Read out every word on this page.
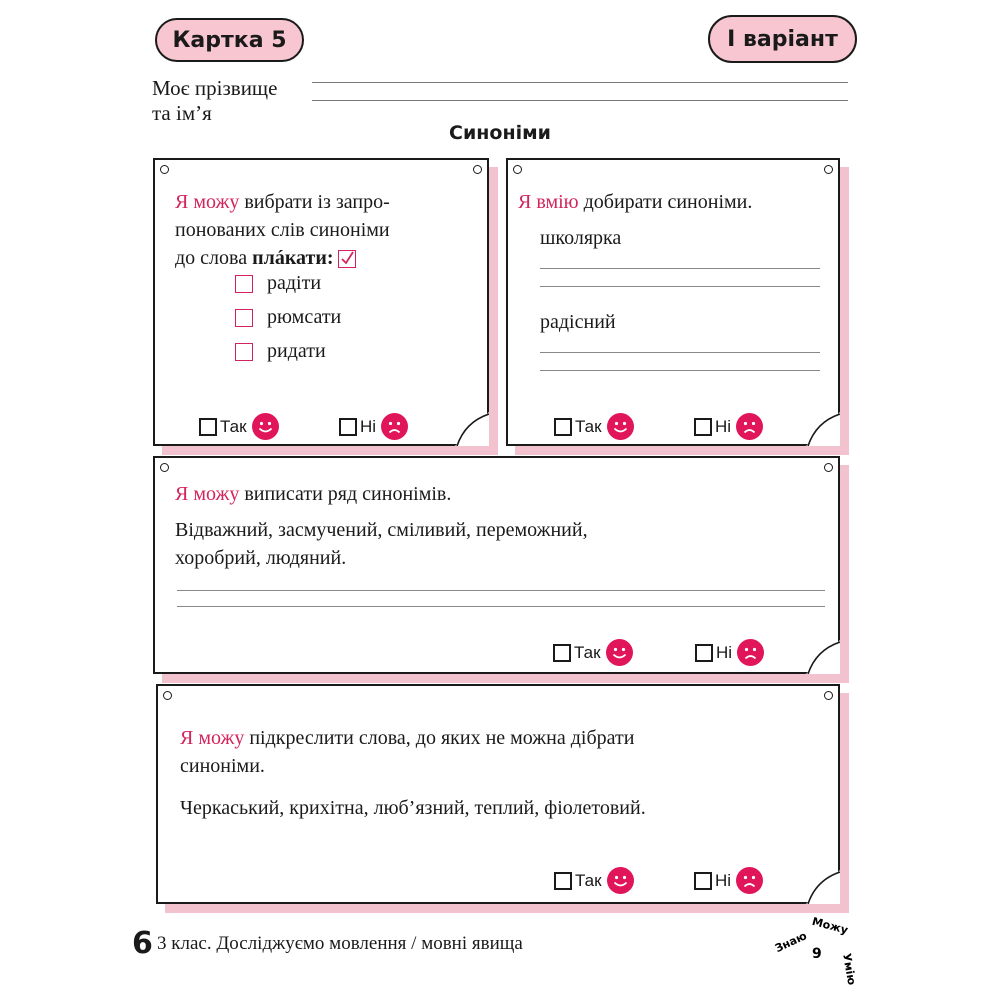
Картка 5	І варіант
Моє прізвище
та ім’я
Синоніми
Я можу вибрати із запро-
понованих слів синоніми
до слова плáкати:
радіти
рюмсати
ридати
Так	Ні
Я вмію добирати синоніми.
школярка
радісний
Так	Ні
Я можу виписати ряд синонімів.
Відважний, засмучений, сміливий, переможний,
хоробрий, людяний.
Так	Ні
Я можу підкреслити слова, до яких не можна дібрати
синоніми.
Черкаський, крихітна, люб’язний, теплий, фіолетовий.
Так	Ні
6 3 клас. Досліджуємо мовлення / мовні явища	Знаю
Можу
Умію
9
